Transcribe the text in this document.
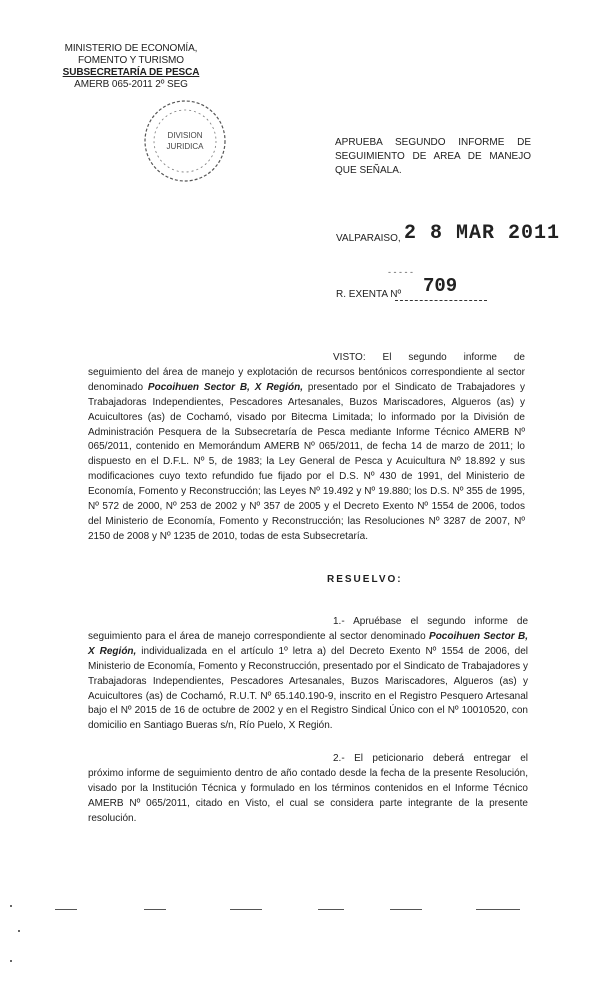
MINISTERIO DE ECONOMÍA,
FOMENTO Y TURISMO
SUBSECRETARÍA DE PESCA
AMERB 065-2011 2º SEG
DIVISION
JURIDICA	APRUEBA SEGUNDO INFORME DE SEGUIMIENTO DE AREA DE MANEJO QUE SEÑALA.
VALPARAISO, 2 8 MAR 2011
- - - - -
R. EXENTA Nº 709
VISTO: El segundo informe de seguimiento del área de manejo y explotación de recursos bentónicos correspondiente al sector denominado Pocoihuen Sector B, X Región, presentado por el Sindicato de Trabajadores y Trabajadoras Independientes, Pescadores Artesanales, Buzos Mariscadores, Algueros (as) y Acuicultores (as) de Cochamó, visado por Bitecma Limitada; lo informado por la División de Administración Pesquera de la Subsecretaría de Pesca mediante Informe Técnico AMERB Nº 065/2011, contenido en Memorándum AMERB Nº 065/2011, de fecha 14 de marzo de 2011; lo dispuesto en el D.F.L. Nº 5, de 1983; la Ley General de Pesca y Acuicultura Nº 18.892 y sus modificaciones cuyo texto refundido fue fijado por el D.S. Nº 430 de 1991, del Ministerio de Economía, Fomento y Reconstrucción; las Leyes Nº 19.492 y Nº 19.880; los D.S. Nº 355 de 1995, Nº 572 de 2000, Nº 253 de 2002 y Nº 357 de 2005 y el Decreto Exento Nº 1554 de 2006, todos del Ministerio de Economía, Fomento y Reconstrucción; las Resoluciones Nº 3287 de 2007, Nº 2150 de 2008 y Nº 1235 de 2010, todas de esta Subsecretaría.
RESUELVO:
1.- Apruébase el segundo informe de seguimiento para el área de manejo correspondiente al sector denominado Pocoihuen Sector B, X Región, individualizada en el artículo 1º letra a) del Decreto Exento Nº 1554 de 2006, del Ministerio de Economía, Fomento y Reconstrucción, presentado por el Sindicato de Trabajadores y Trabajadoras Independientes, Pescadores Artesanales, Buzos Mariscadores, Algueros (as) y Acuicultores (as) de Cochamó, R.U.T. Nº 65.140.190-9, inscrito en el Registro Pesquero Artesanal bajo el Nº 2015 de 16 de octubre de 2002 y en el Registro Sindical Único con el Nº 10010520, con domicilio en Santiago Bueras s/n, Río Puelo, X Región.
2.- El peticionario deberá entregar el próximo informe de seguimiento dentro de año contado desde la fecha de la presente Resolución, visado por la Institución Técnica y formulado en los términos contenidos en el Informe Técnico AMERB Nº 065/2011, citado en Visto, el cual se considera parte integrante de la presente resolución.
